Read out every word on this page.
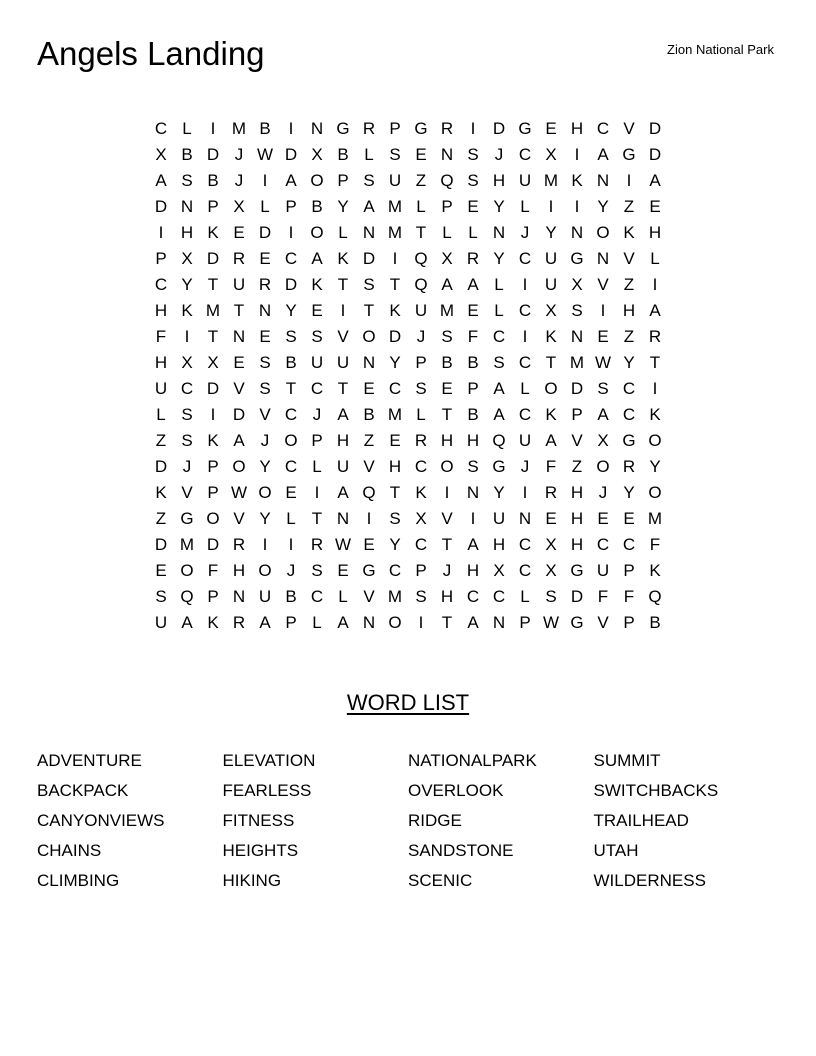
Angels Landing	Zion National Park
C L	I M B	I	N G R P G R	I	D G E H C V D
X B D J W D X B L S E N S J C X	I	A G D
A S B J	I	A O P S U Z Q S H U M K N	I	A
D N P X L P B Y A M L P E Y L	I	I	Y Z E
I	H K E D	I	O L N M T L L N J Y N O K H
P X D R E C A K D	I	Q X R Y C U G N V L
C Y T U R D K T S T Q A A L	I	U X V Z	I
H K M T N Y E	I	T K U M E L C X S	I	H A
F	I	T N E S S V O D J S F C	I	K N E Z R
H X X E S B U U N Y P B B S C T M W Y T
U C D V S T C T E C S E P A L O D S C	I
L S	I	D V C J A B M L T B A C K P A C K
Z S K A J O P H Z E R H H Q U A V X G O
D J P O Y C L U V H C O S G J F Z O R Y
K V P W O E	I	A Q T K	I	N Y	I	R H J Y O
Z G O V Y L T N	I	S X V	I	U N E H E E M
D M D R	I	I	R W E Y C T A H C X H C C F
E O F H O J S E G C P J H X C X G U P K
S Q P N U B C L V M S H C C L S D F F Q
U A K R A P L A N O	I	T A N P W G V P B
WORD LIST
ADVENTURE
BACKPACK
CANYONVIEWS
CHAINS
CLIMBING
ELEVATION
FEARLESS
FITNESS
HEIGHTS
HIKING
NATIONALPARK
OVERLOOK
RIDGE
SANDSTONE
SCENIC
SUMMIT
SWITCHBACKS
TRAILHEAD
UTAH
WILDERNESS
